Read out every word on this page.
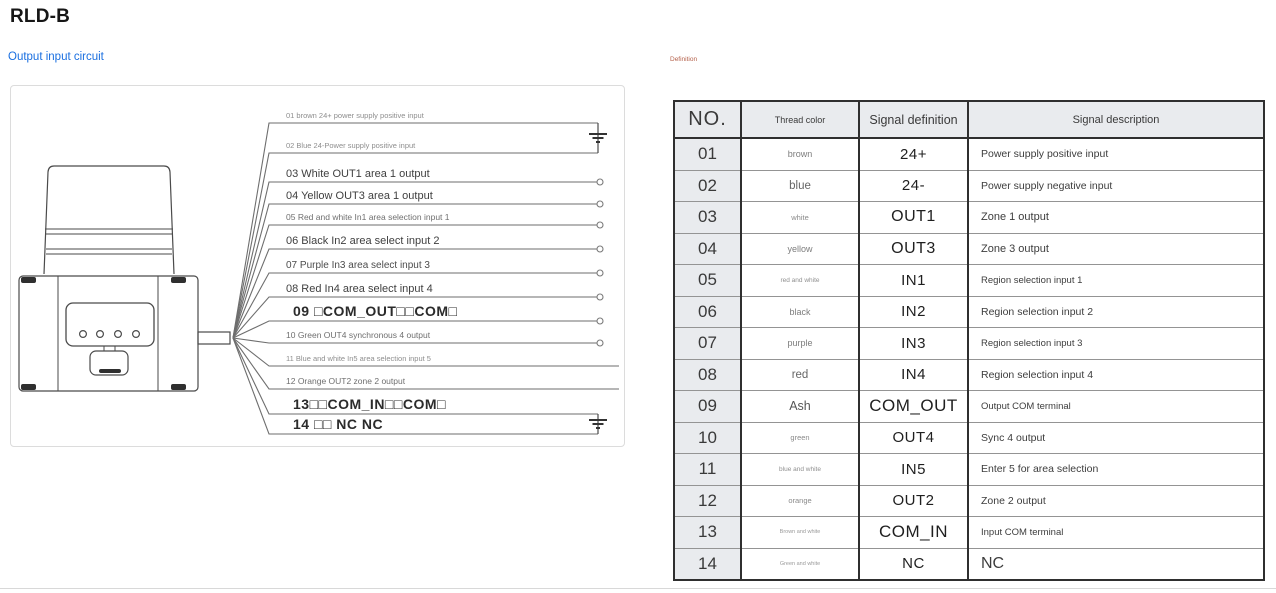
RLD-B
Output input circuit	Definition
01 brown 24+ power supply positive input
02 Blue 24-Power supply positive input
03 White OUT1 area 1 output
04 Yellow OUT3 area 1 output
05 Red and white In1 area selection input 1
06 Black In2 area select input 2
07 Purple In3 area select input 3
08 Red In4 area select input 4
09 □COM_OUT□□COM□
10 Green OUT4 synchronous 4 output
11 Blue and white In5 area selection input 5
12 Orange OUT2 zone 2 output
13□□COM_IN□□COM□
14 □□ NC NC
NO.	Thread color	Signal definition	Signal description
01	brown	24+	Power supply positive input
02	blue	24-	Power supply negative input
03	white	OUT1	Zone 1 output
04	yellow	OUT3	Zone 3 output
05	red and white	IN1	Region selection input 1
06	black	IN2	Region selection input 2
07	purple	IN3	Region selection input 3
08	red	IN4	Region selection input 4
09	Ash	COM_OUT	Output COM terminal
10	green	OUT4	Sync 4 output
11	blue and white	IN5	Enter 5 for area selection
12	orange	OUT2	Zone 2 output
13	Brown and white	COM_IN	Input COM terminal
14	Green and white	NC	NC
